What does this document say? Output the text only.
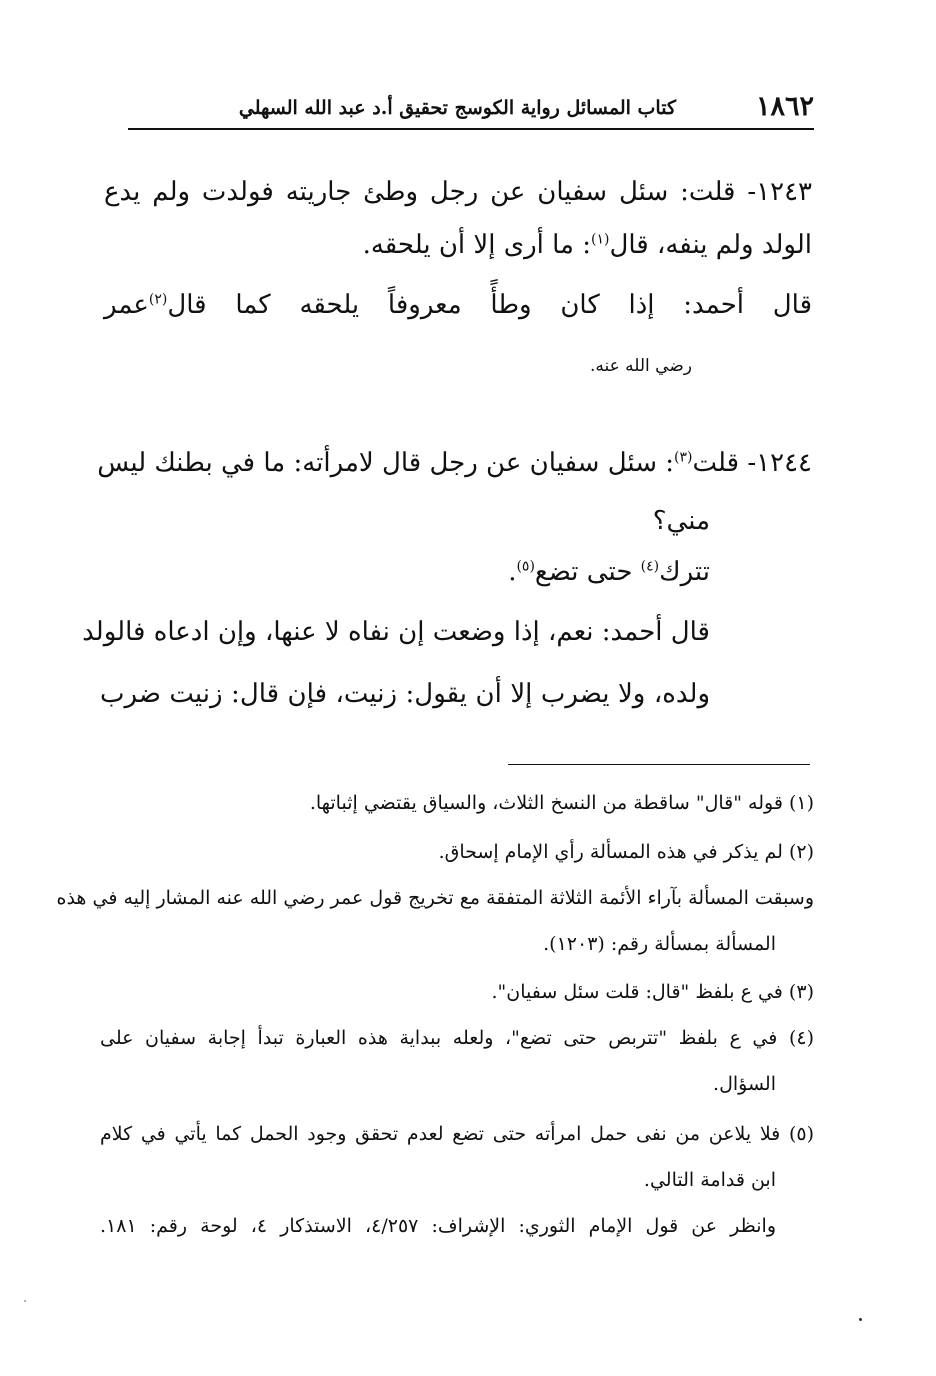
١٨٦٢
كتاب المسائل رواية الكوسج تحقيق أ.د عبد الله السهلي
١٢٤٣- قلت: سئل سفيان عن رجل وطئ جاريته فولدت ولم يدع
الولد ولم ينفه، قال$^{(١)}$: ما أرى إلا أن يلحقه.
قال أحمد: إذا كان وطأً معروفاً يلحقه كما قال$^{(٢)}$عمر
رضي الله عنه.
١٢٤٤- قلت$^{(٣)}$: سئل سفيان عن رجل قال لامرأته: ما في بطنك ليس
مني؟
تترك$^{(٤)}$ حتى تضع$^{(٥)}$.
قال أحمد: نعم، إذا وضعت إن نفاه لا عنها، وإن ادعاه فالولد
ولده، ولا يضرب إلا أن يقول: زنيت، فإن قال: زنيت ضرب
(١) قوله "قال" ساقطة من النسخ الثلاث، والسياق يقتضي إثباتها.
(٢) لم يذكر في هذه المسألة رأي الإمام إسحاق.
وسبقت المسألة بآراء الأئمة الثلاثة المتفقة مع تخريج قول عمر رضي الله عنه المشار إليه في هذه
المسألة بمسألة رقم: (١٢٠٣).
(٣) في ع بلفظ "قال: قلت سئل سفيان".
(٤) في ع بلفظ "تتربص حتى تضع"، ولعله ببداية هذه العبارة تبدأ إجابة سفيان على
السؤال.
(٥) فلا يلاعن من نفى حمل امرأته حتى تضع لعدم تحقق وجود الحمل كما يأتي في كلام
ابن قدامة التالي.
وانظر عن قول الإمام الثوري: الإشراف: ٤/٢٥٧، الاستذكار ٤، لوحة رقم: ١٨١.
